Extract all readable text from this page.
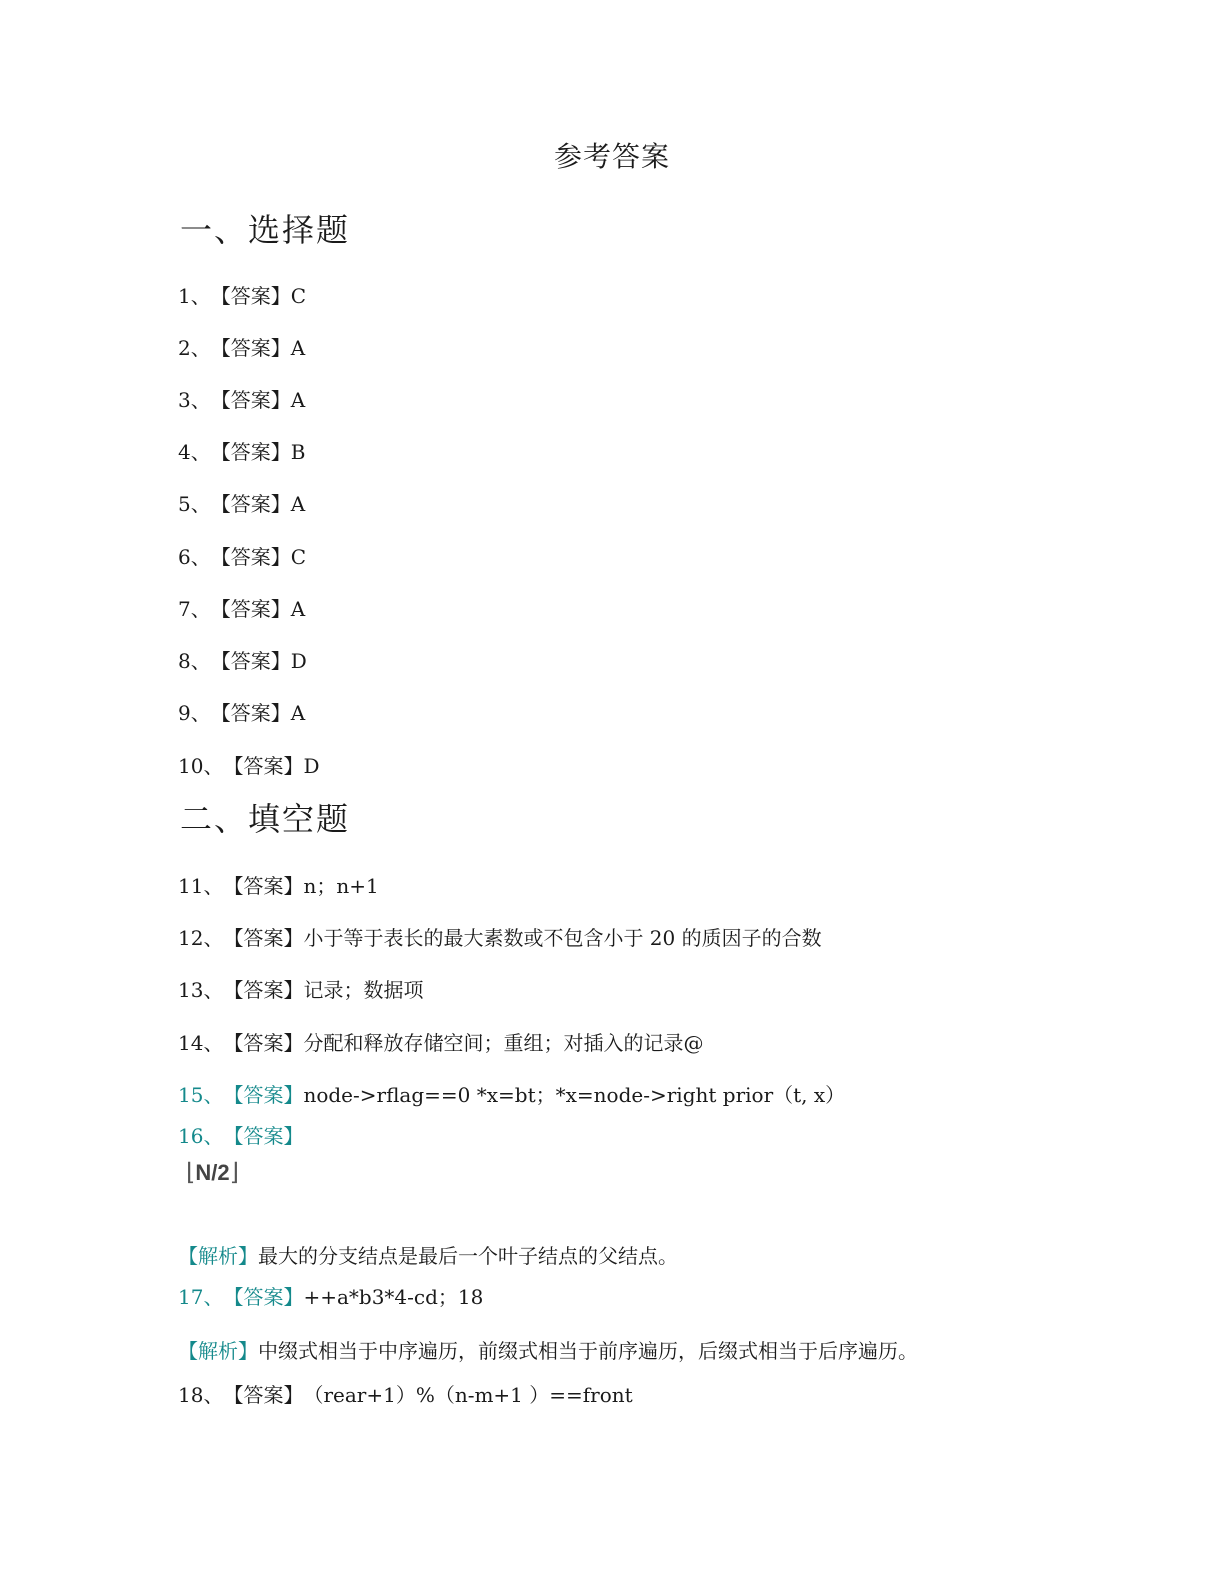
参考答案
一、选择题
1、【答案】C
2、【答案】A
3、【答案】A
4、【答案】B
5、【答案】A
6、【答案】C
7、【答案】A
8、【答案】D
9、【答案】A
10、【答案】D
二、填空题
11、【答案】n；n+1
12、【答案】小于等于表长的最大素数或不包含小于 20 的质因子的合数
13、【答案】记录；数据项
14、【答案】分配和释放存储空间；重组；对插入的记录@
15、【答案】node->rflag==0 *x=bt；*x=node->right prior（t, x）
16、【答案】
⌊N/2⌋
【解析】最大的分支结点是最后一个叶子结点的父结点。
17、【答案】++a*b3*4-cd；18
【解析】中缀式相当于中序遍历，前缀式相当于前序遍历，后缀式相当于后序遍历。
18、【答案】（rear+1）%（n-m+1 ）==front
